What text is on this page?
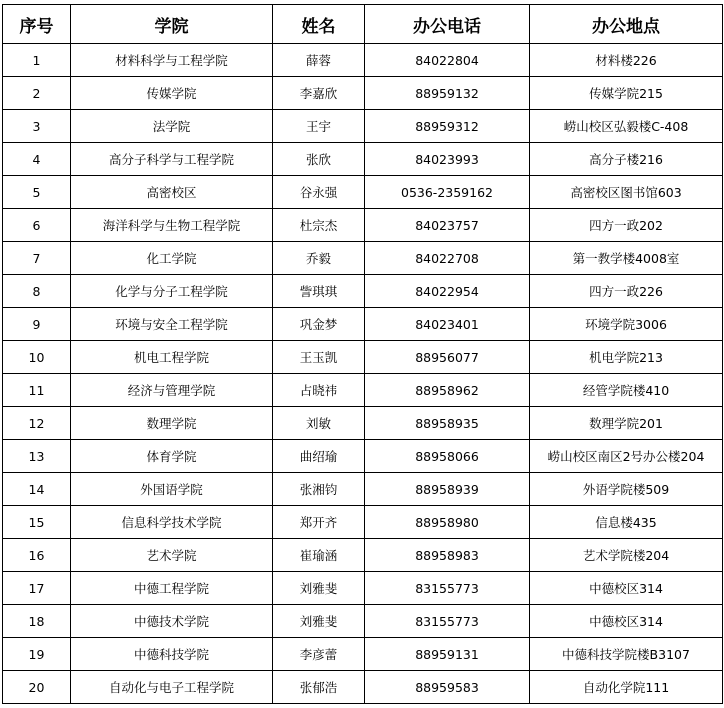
序号	学院	姓名	办公电话	办公地点
1	材料科学与工程学院	薛蓉	84022804	材料楼226
2	传媒学院	李嘉欣	88959132	传媒学院215
3	法学院	王宇	88959312	崂山校区弘毅楼C-408
4	高分子科学与工程学院	张欣	84023993	高分子楼216
5	高密校区	谷永强	0536-2359162	高密校区图书馆603
6	海洋科学与生物工程学院	杜宗杰	84023757	四方一政202
7	化工学院	乔毅	84022708	第一教学楼4008室
8	化学与分子工程学院	訾琪琪	84022954	四方一政226
9	环境与安全工程学院	巩金梦	84023401	环境学院3006
10	机电工程学院	王玉凯	88956077	机电学院213
11	经济与管理学院	占晓祎	88958962	经管学院楼410
12	数理学院	刘敏	88958935	数理学院201
13	体育学院	曲绍瑜	88958066	崂山校区南区2号办公楼204
14	外国语学院	张湘钧	88958939	外语学院楼509
15	信息科学技术学院	郑开齐	88958980	信息楼435
16	艺术学院	崔瑜涵	88958983	艺术学院楼204
17	中德工程学院	刘雅斐	83155773	中德校区314
18	中德技术学院	刘雅斐	83155773	中德校区314
19	中德科技学院	李彦蕾	88959131	中德科技学院楼B3107
20	自动化与电子工程学院	张郁浩	88959583	自动化学院111
